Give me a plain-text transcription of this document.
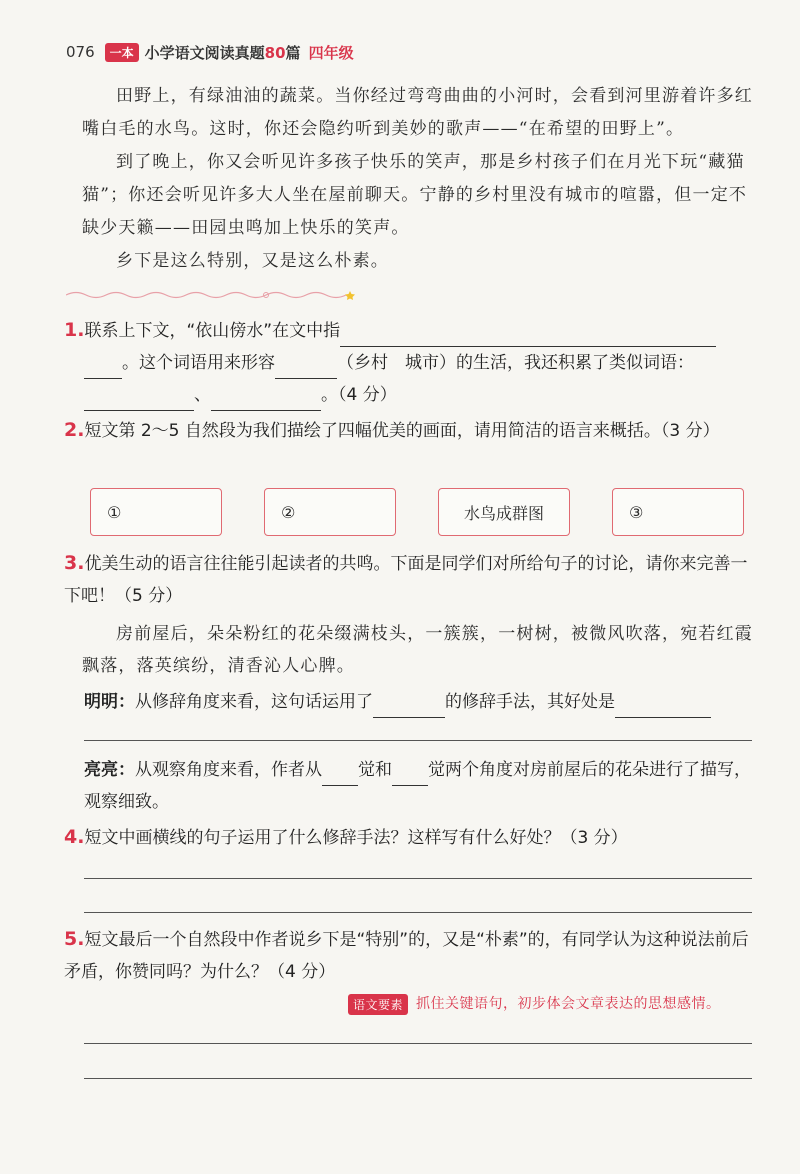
076	一本 小学语文阅读真题80篇 四年级
田野上，有绿油油的蔬菜。当你经过弯弯曲曲的小河时，会看到河里游着许多红嘴白毛的水鸟。这时，你还会隐约听到美妙的歌声——“在希望的田野上”。
到了晚上，你又会听见许多孩子快乐的笑声，那是乡村孩子们在月光下玩“藏猫猫”；你还会听见许多大人坐在屋前聊天。宁静的乡村里没有城市的喧嚣，但一定不缺少天籁——田园虫鸣加上快乐的笑声。
乡下是这么特别，又是这么朴素。
1.联系上下文，“依山傍水”在文中指
。这个词语用来形容	（乡村　城市）的生活，我还积累了类似词语：
、	。（4 分）
2.短文第 2～5 自然段为我们描绘了四幅优美的画面，请用简洁的语言来概括。（3 分）
①	②	水鸟成群图	③
3.优美生动的语言往往能引起读者的共鸣。下面是同学们对所给句子的讨论，请你来完善一下吧！（5 分）
房前屋后，朵朵粉红的花朵缀满枝头，一簇簇，一树树，被微风吹落，宛若红霞飘落，落英缤纷，清香沁人心脾。
明明：从修辞角度来看，这句话运用了	的修辞手法，其好处是
亮亮：从观察角度来看，作者从 觉和 觉两个角度对房前屋后的花朵进行了描写，观察细致。
4.短文中画横线的句子运用了什么修辞手法？这样写有什么好处？（3 分）
5.短文最后一个自然段中作者说乡下是“特别”的，又是“朴素”的，有同学认为这种说法前后矛盾，你赞同吗？为什么？（4 分）
语文要素 抓住关键语句，初步体会文章表达的思想感情。
